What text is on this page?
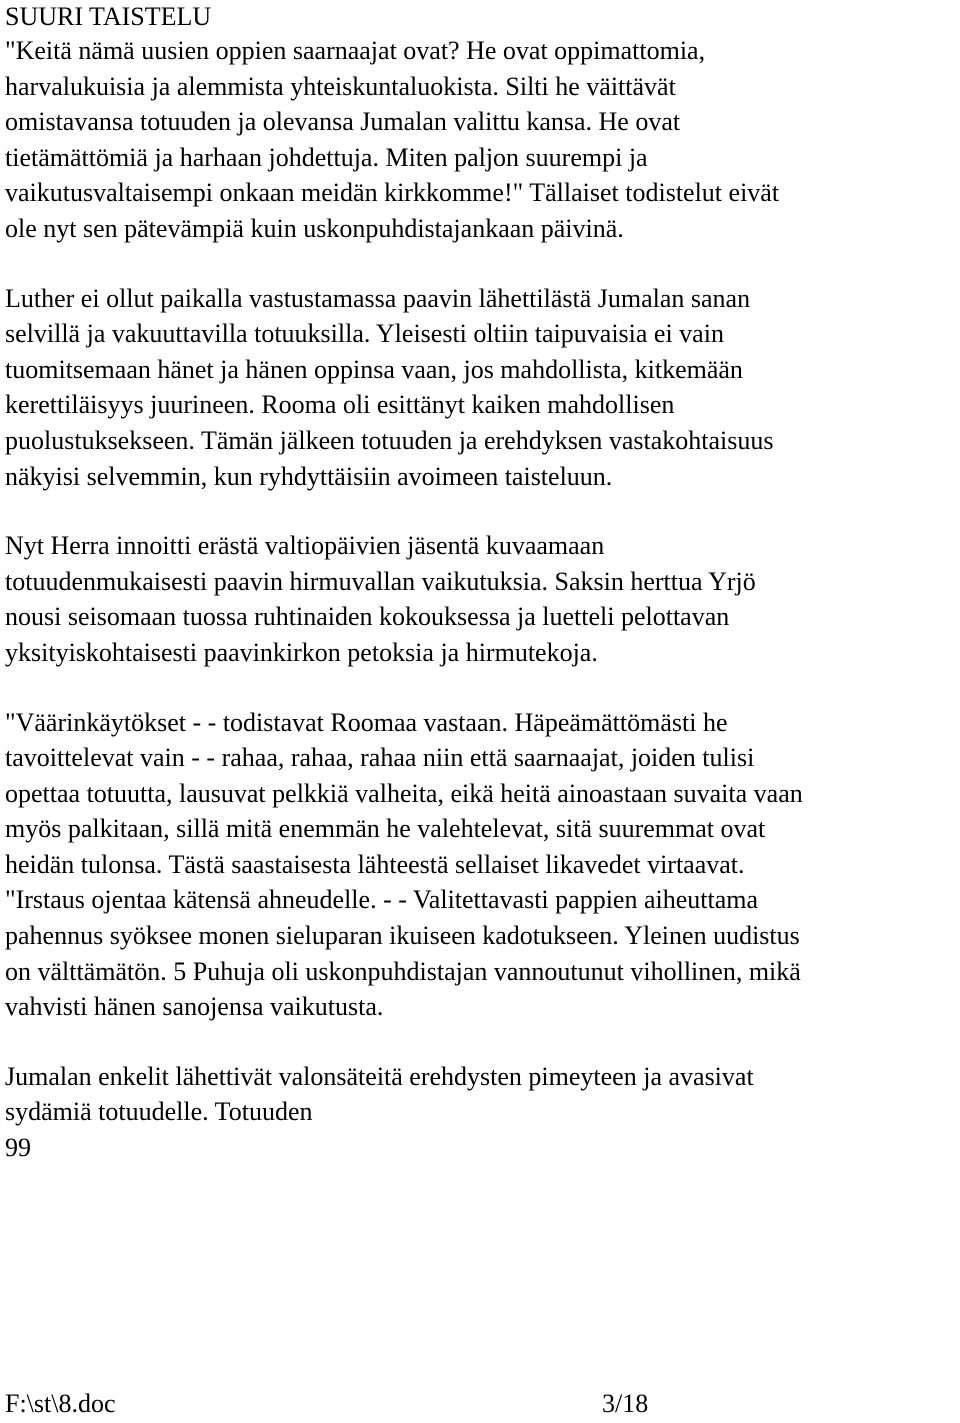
SUURI TAISTELU

"Keitä nämä uusien oppien saarnaajat ovat? He ovat oppimattomia,
harvalukuisia ja alemmista yhteiskuntaluokista. Silti he väittävät
omistavansa totuuden ja olevansa Jumalan valittu kansa. He ovat
tietämättömiä ja harhaan johdettuja. Miten paljon suurempi ja
vaikutusvaltaisempi onkaan meidän kirkkomme!" Tällaiset todistelut eivät
ole nyt sen pätevämpiä kuin uskonpuhdistajankaan päivinä.

Luther ei ollut paikalla vastustamassa paavin lähettilästä Jumalan sanan
selvillä ja vakuuttavilla totuuksilla. Yleisesti oltiin taipuvaisia ei vain
tuomitsemaan hänet ja hänen oppinsa vaan, jos mahdollista, kitkemään
kerettiläisyys juurineen. Rooma oli esittänyt kaiken mahdollisen
puolustuksekseen. Tämän jälkeen totuuden ja erehdyksen vastakohtaisuus
näkyisi selvemmin, kun ryhdyttäisiin avoimeen taisteluun.

Nyt Herra innoitti erästä valtiopäivien jäsentä kuvaamaan
totuudenmukaisesti paavin hirmuvallan vaikutuksia. Saksin herttua Yrjö
nousi seisomaan tuossa ruhtinaiden kokouksessa ja luetteli pelottavan
yksityiskohtaisesti paavinkirkon petoksia ja hirmutekoja.

"Väärinkäytökset - - todistavat Roomaa vastaan. Häpeämättömästi he
tavoittelevat vain - - rahaa, rahaa, rahaa niin että saarnaajat, joiden tulisi
opettaa totuutta, lausuvat pelkkiä valheita, eikä heitä ainoastaan suvaita vaan
myös palkitaan, sillä mitä enemmän he valehtelevat, sitä suuremmat ovat
heidän tulonsa. Tästä saastaisesta lähteestä sellaiset likavedet virtaavat.
"Irstaus ojentaa kätensä ahneudelle. - - Valitettavasti pappien aiheuttama
pahennus syöksee monen sieluparan ikuiseen kadotukseen. Yleinen uudistus
on välttämätön. 5 Puhuja oli uskonpuhdistajan vannoutunut vihollinen, mikä
vahvisti hänen sanojensa vaikutusta.

Jumalan enkelit lähettivät valonsäteitä erehdysten pimeyteen ja avasivat
sydämiä totuudelle. Totuuden

99

F:\st\8.doc	3/18
